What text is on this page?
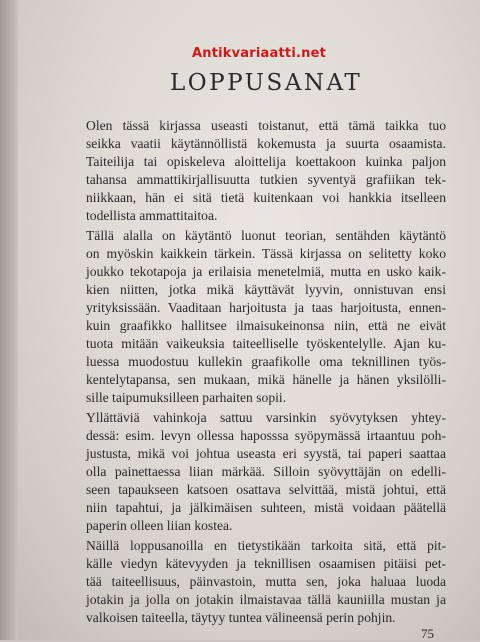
Antikvariaatti.net
LOPPUSANAT
Olen tässä kirjassa useasti toistanut, että tämä taikka tuo
seikka vaatii käytännöllistä kokemusta ja suurta osaamista.
Taiteilija tai opiskeleva aloittelija koettakoon kuinka paljon
tahansa ammattikirjallisuutta tutkien syventyä grafiikan tek-
niikkaan, hän ei sitä tietä kuitenkaan voi hankkia itselleen
todellista ammattitaitoa.
Tällä alalla on käytäntö luonut teorian, sentähden käytäntö
on myöskin kaikkein tärkein. Tässä kirjassa on selitetty koko
joukko tekotapoja ja erilaisia menetelmiä, mutta en usko kaik-
kien niitten, jotka mikä käyttävät lyyvin, onnistuvan ensi
yrityksissään. Vaaditaan harjoitusta ja taas harjoitusta, ennen-
kuin graafikko hallitsee ilmaisukeinonsa niin, että ne eivät
tuota mitään vaikeuksia taiteelliselle työskentelylle. Ajan ku-
luessa muodostuu kullekin graafikolle oma teknillinen työs-
kentelytapansa, sen mukaan, mikä hänelle ja hänen yksilölli-
sille taipumuksilleen parhaiten sopii.
Yllättäviä vahinkoja sattuu varsinkin syövytyksen yhtey-
dessä: esim. levyn ollessa haposssa syöpymässä irtaantuu poh-
justusta, mikä voi johtua useasta eri syystä, tai paperi saattaa
olla painettaessa liian märkää. Silloin syövyttäjän on edelli-
seen tapaukseen katsoen osattava selvittää, mistä johtui, että
niin tapahtui, ja jälkimäisen suhteen, mistä voidaan päätellä
paperin olleen liian kostea.
Näillä loppusanoilla en tietystikään tarkoita sitä, että pit-
källe viedyn kätevyyden ja teknillisen osaamisen pitäisi pet-
tää taiteellisuus, päinvastoin, mutta sen, joka haluaa luoda
jotakin ja jolla on jotakin ilmaistavaa tällä kauniilla mustan ja
valkoisen taiteella, täytyy tuntea välineensä perin pohjin.
75
